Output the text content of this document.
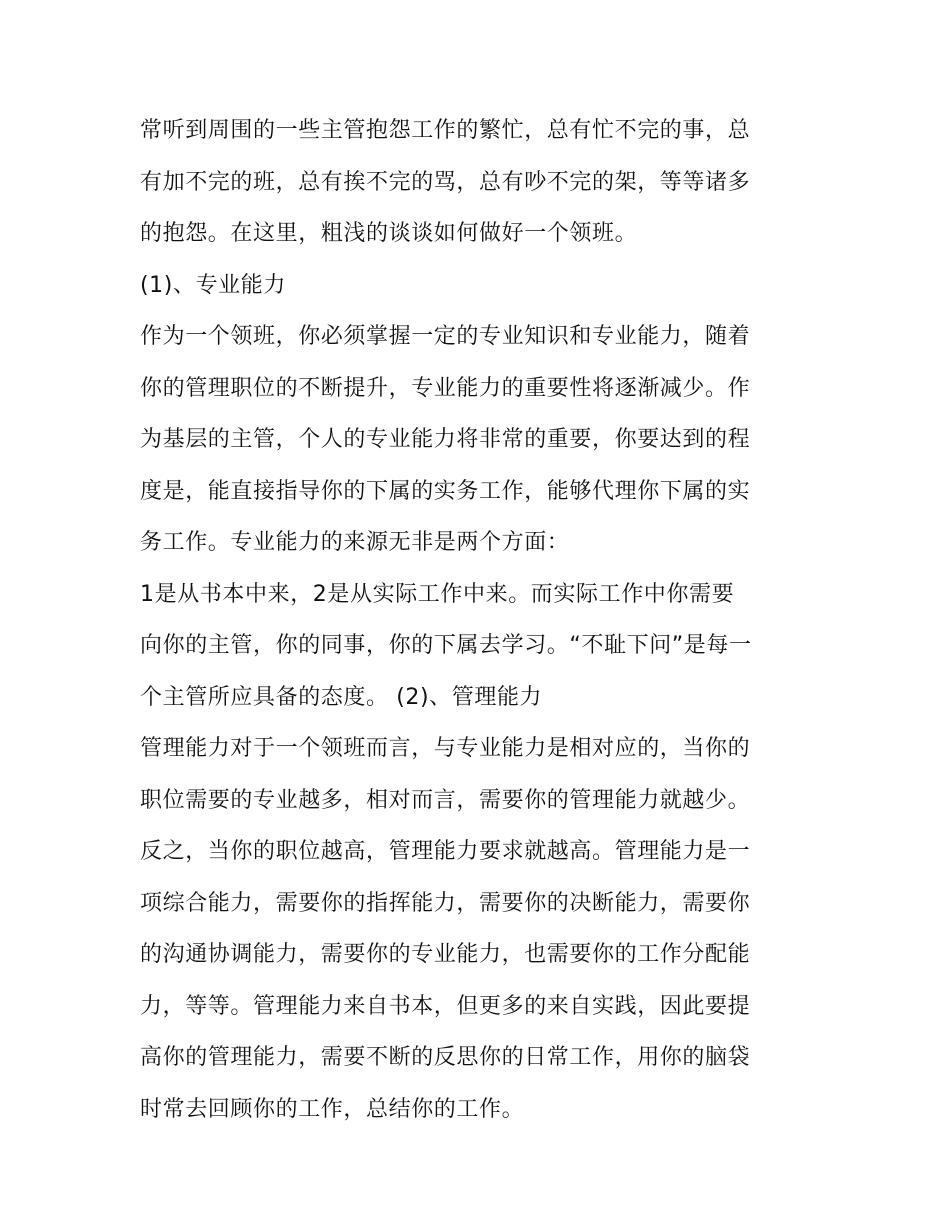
常听到周围的一些主管抱怨工作的繁忙，总有忙不完的事，总
有加不完的班，总有挨不完的骂，总有吵不完的架，等等诸多
的抱怨。在这里，粗浅的谈谈如何做好一个领班。
(1)、专业能力
作为一个领班，你必须掌握一定的专业知识和专业能力，随着
你的管理职位的不断提升，专业能力的重要性将逐渐减少。作
为基层的主管，个人的专业能力将非常的重要，你要达到的程
度是，能直接指导你的下属的实务工作，能够代理你下属的实
务工作。专业能力的来源无非是两个方面：
1是从书本中来，2是从实际工作中来。而实际工作中你需要
向你的主管，你的同事，你的下属去学习。“不耻下问”是每一
个主管所应具备的态度。 (2)、管理能力
管理能力对于一个领班而言，与专业能力是相对应的，当你的
职位需要的专业越多，相对而言，需要你的管理能力就越少。
反之，当你的职位越高，管理能力要求就越高。管理能力是一
项综合能力，需要你的指挥能力，需要你的决断能力，需要你
的沟通协调能力，需要你的专业能力，也需要你的工作分配能
力，等等。管理能力来自书本，但更多的来自实践，因此要提
高你的管理能力，需要不断的反思你的日常工作，用你的脑袋
时常去回顾你的工作，总结你的工作。
